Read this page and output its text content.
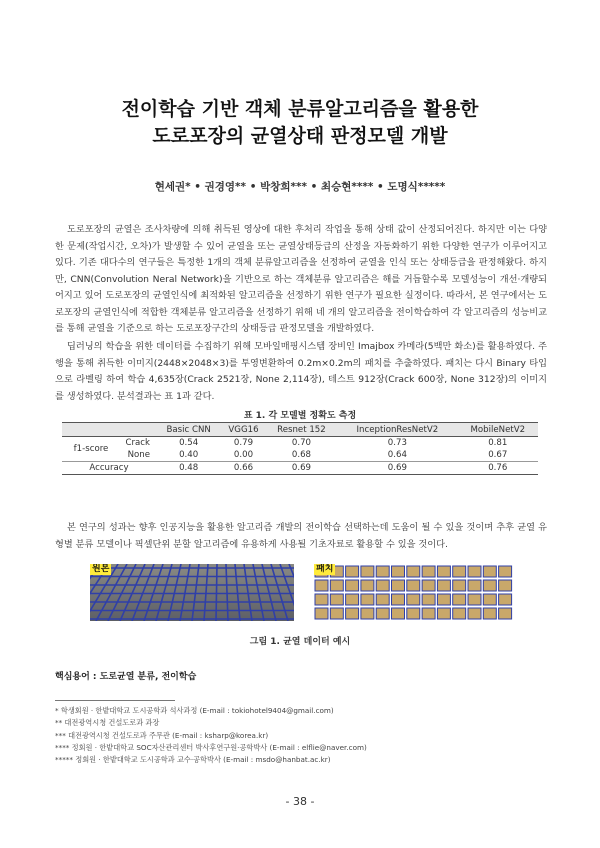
전이학습 기반 객체 분류알고리즘을 활용한
도로포장의 균열상태 판정모델 개발
현세권* • 권경영** • 박창희*** • 최승현**** • 도명식*****

도로포장의 균열은 조사차량에 의해 취득된 영상에 대한 후처리 작업을 통해 상태 값이 산정되어진다. 하지만 이는 다양한 문제(작업시간, 오차)가 발생할 수 있어 균열을 또는 균열상태등급의 산정을 자동화하기 위한 다양한 연구가 이루어지고 있다. 기존 대다수의 연구들은 특정한 1개의 객체 분류알고리즘을 선정하여 균열을 인식 또는 상태등급을 판정해왔다. 하지만, CNN(Convolution Neral Network)을 기반으로 하는 객체분류 알고리즘은 해를 거듭할수록 모델성능이 개선·개량되어지고 있어 도로포장의 균열인식에 최적화된 알고리즘을 선정하기 위한 연구가 필요한 실정이다. 따라서, 본 연구에서는 도로포장의 균열인식에 적합한 객체분류 알고리즘을 선정하기 위해 네 개의 알고리즘을 전이학습하여 각 알고리즘의 성능비교를 통해 균열을 기준으로 하는 도로포장구간의 상태등급 판정모델을 개발하였다.

딥러닝의 학습을 위한 데이터를 수집하기 위해 모바일매핑시스템 장비인 Imajbox 카메라(5백만 화소)를 활용하였다. 주행을 통해 취득한 이미지(2448×2048×3)를 투영변환하여 0.2m×0.2m의 패치를 추출하였다. 패치는 다시 Binary 타입으로 라벨링 하여 학습 4,635장(Crack 2521장, None 2,114장), 테스트 912장(Crack 600장, None 312장)의 이미지를 생성하였다. 분석결과는 표 1과 같다.

표 1. 각 모델별 정확도 측정
		Basic CNN	VGG16	Resnet 152	InceptionResNetV2	MobileNetV2
f1-score	Crack	0.54	0.79	0.70	0.73	0.81
	None	0.40	0.00	0.68	0.64	0.67
Accuracy		0.48	0.66	0.69	0.69	0.76

본 연구의 성과는 향후 인공지능을 활용한 알고리즘 개발의 전이학습 선택하는데 도움이 될 수 있을 것이며 추후 균열 유형별 분류 모델이나 픽셀단위 분할 알고리즘에 유용하게 사용될 기초자료로 활용할 수 있을 것이다.

원본	패치
그림 1. 균열 데이터 예시
핵심용어 : 도로균열 분류, 전이학습
* 학생회원 · 한밭대학교 도시공학과 석사과정 (E-mail : tokiohotel9404@gmail.com)
** 대전광역시청 건설도로과 과장
*** 대전광역시청 건설도로과 주무관 (E-mail : ksharp@korea.kr)
**** 정회원 · 한밭대학교 SOC자산관리센터 박사후연구원·공학박사 (E-mail : elflie@naver.com)
***** 정회원 · 한밭대학교 도시공학과 교수·공학박사 (E-mail : msdo@hanbat.ac.kr)
- 38 -
